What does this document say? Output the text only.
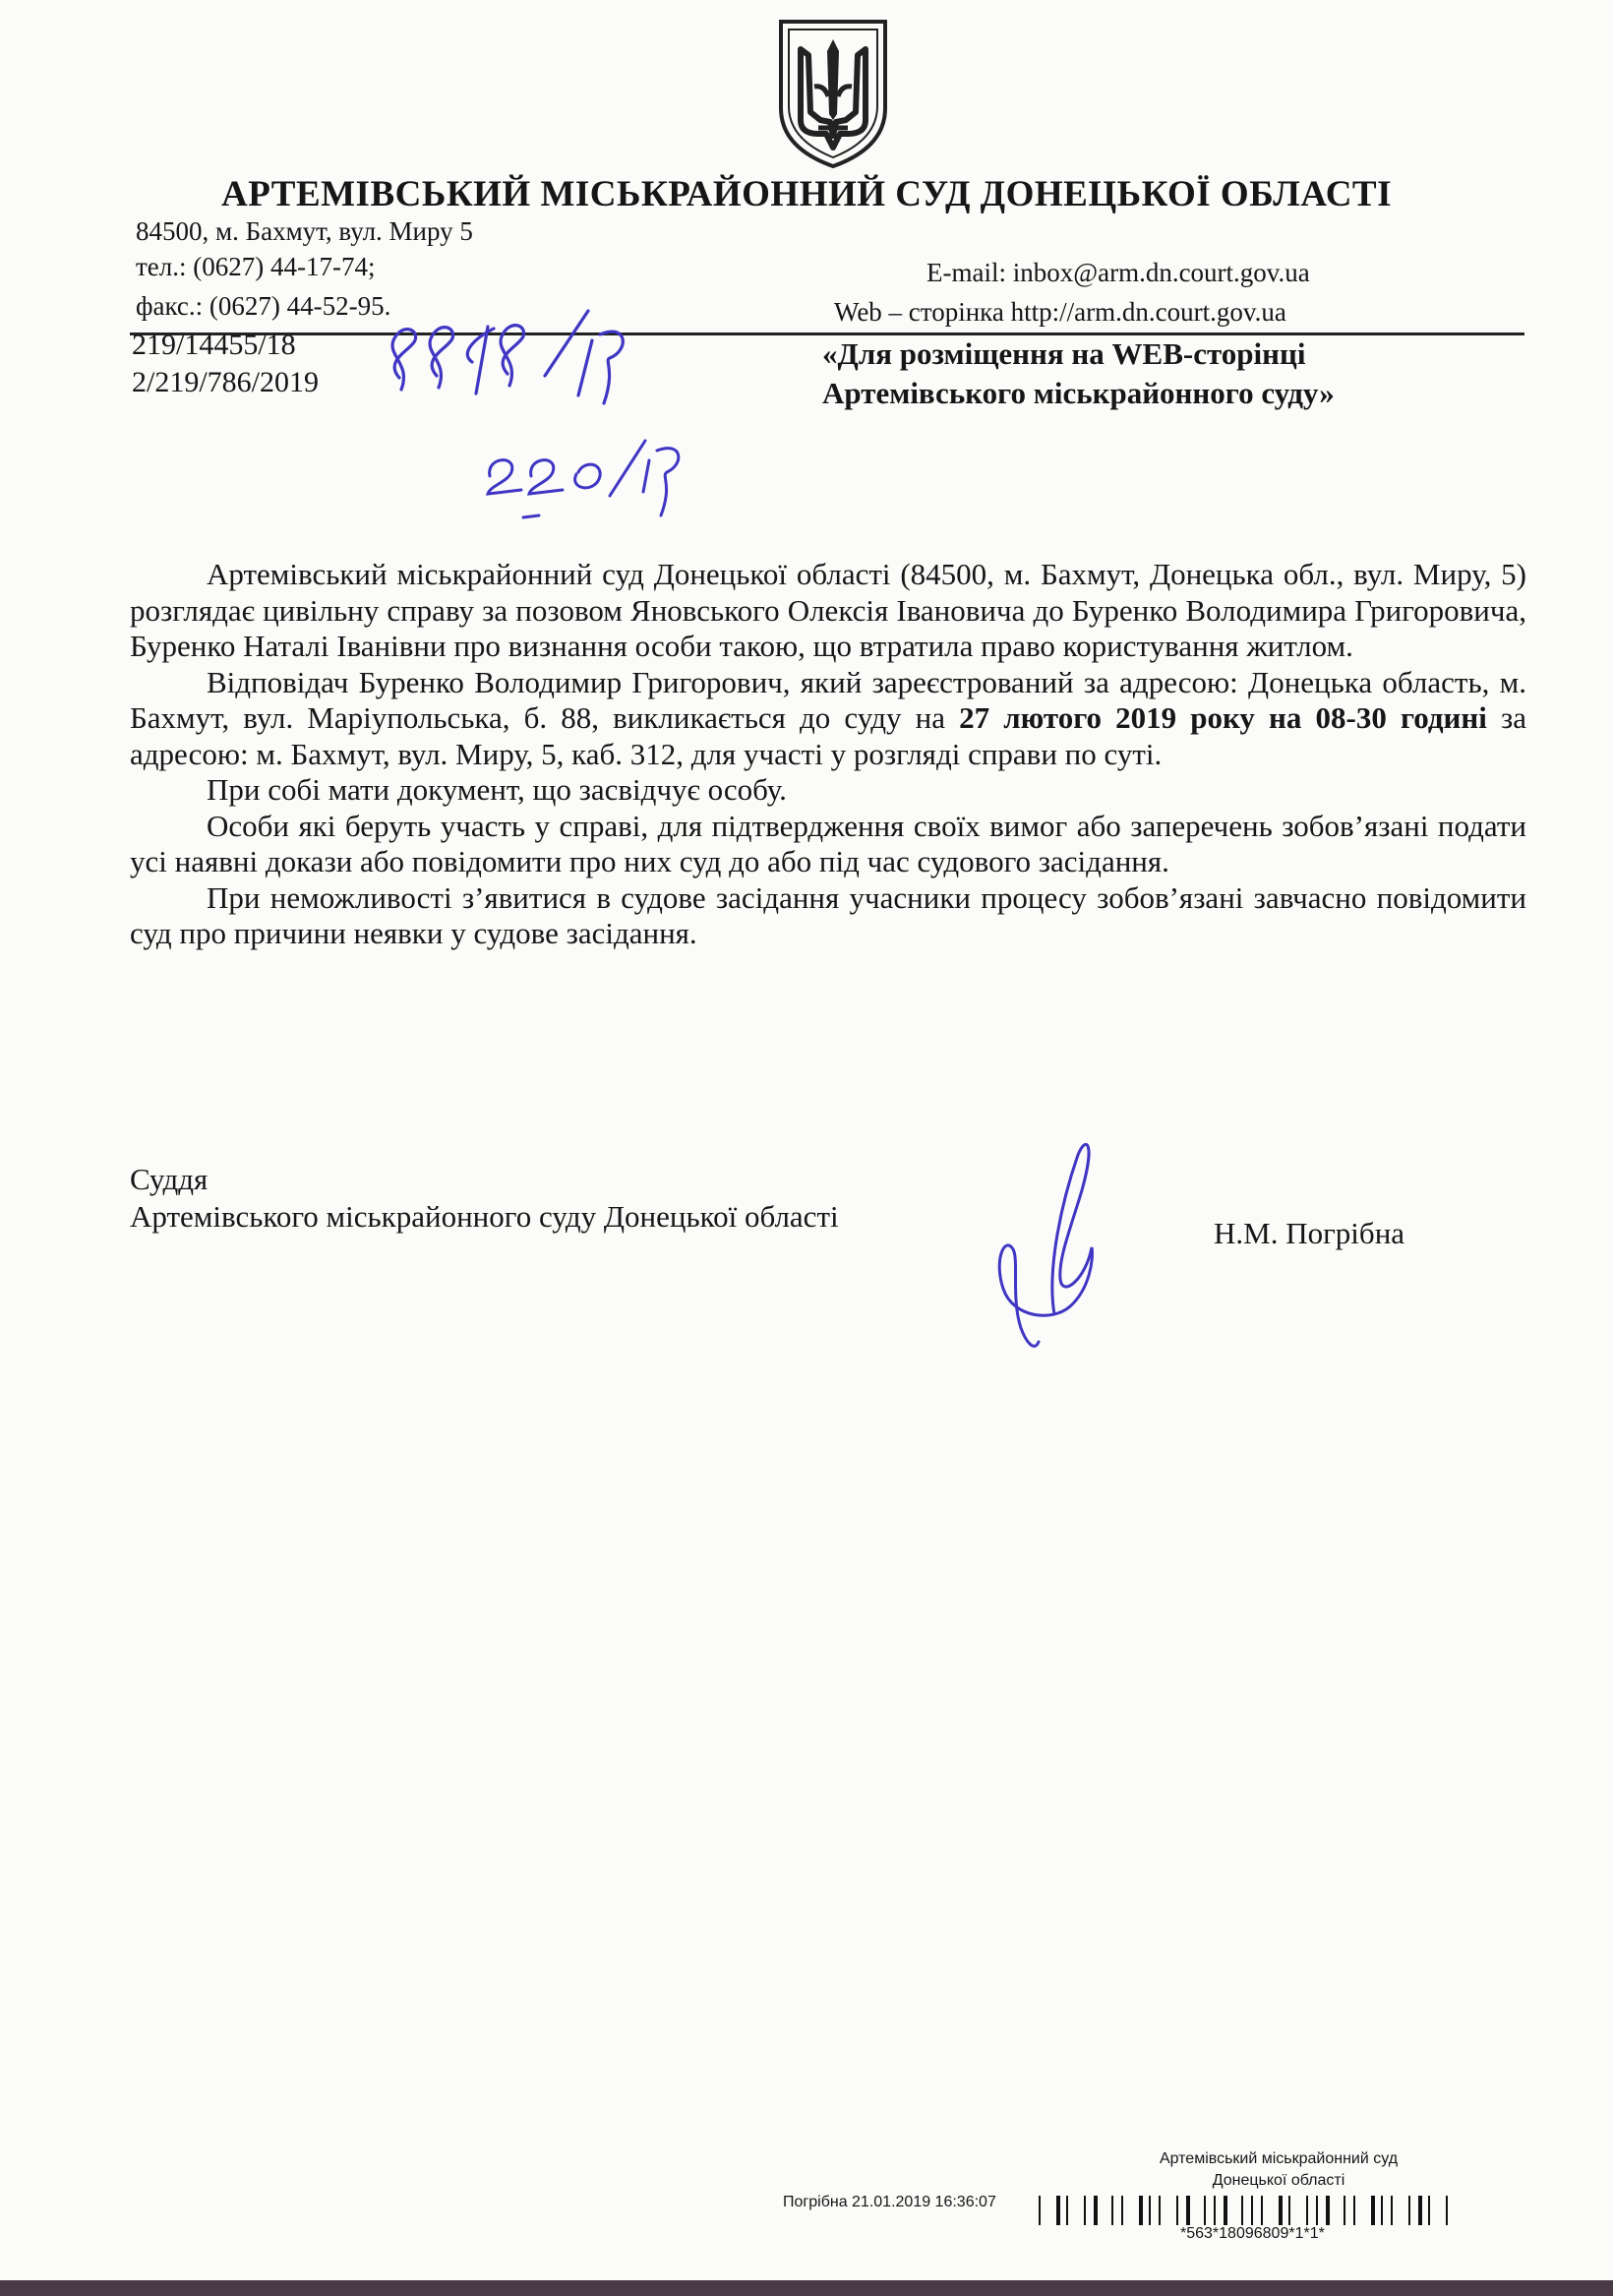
АРТЕМІВСЬКИЙ МІСЬКРАЙОННИЙ СУД ДОНЕЦЬКОЇ ОБЛАСТІ
84500, м. Бахмут, вул. Миру 5
тел.: (0627) 44-17-74;
факс.: (0627) 44-52-95.
E-mail: inbox@arm.dn.court.gov.ua
Web – сторінка http://arm.dn.court.gov.ua
219/14455/18
2/219/786/2019
«Для розміщення на WEB-сторінці
Артемівського міськрайонного суду»

Артемівський міськрайонний суд Донецької області (84500, м. Бахмут, Донецька обл., вул. Миру, 5) розглядає цивільну справу за позовом Яновського Олексія Івановича до Буренко Володимира Григоровича, Буренко Наталі Іванівни про визнання особи такою, що втратила право користування житлом.

Відповідач Буренко Володимир Григорович, який зареєстрований за адресою: Донецька область, м. Бахмут, вул. Маріупольська, б. 88, викликається до суду на 27 лютого 2019 року на 08-30 годині за адресою: м. Бахмут, вул. Миру, 5, каб. 312, для участі у розгляді справи по суті.

При собі мати документ, що засвідчує особу.

Особи які беруть участь у справі, для підтвердження своїх вимог або заперечень зобов’язані подати усі наявні докази або повідомити про них суд до або під час судового засідання.

При неможливості з’явитися в судове засідання учасники процесу зобов’язані завчасно повідомити суд про причини неявки у судове засідання.

Суддя
Артемівського міськрайонного суду Донецької області	Н.М. Погрібна
Артемівський міськрайонний суд
Донецької області
Погрібна 21.01.2019 16:36:07
*563*18096809*1*1*
